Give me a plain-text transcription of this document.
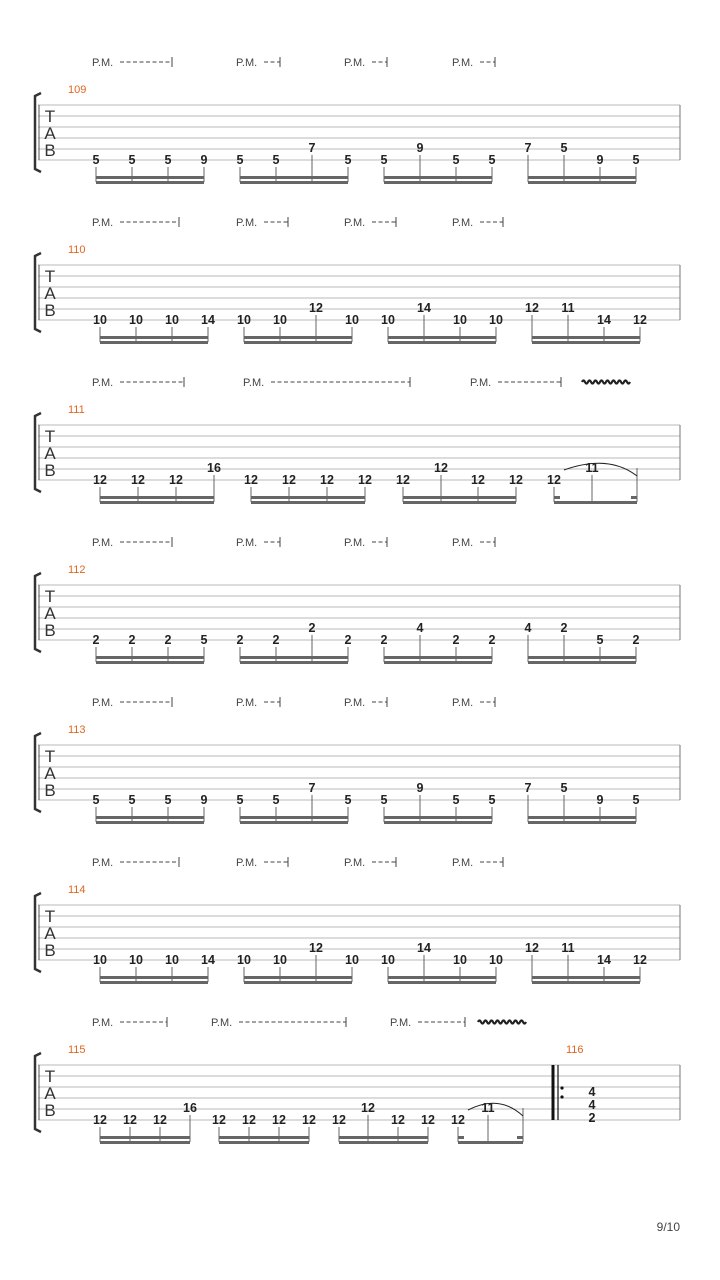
T
A
B
109
P.M.	P.M.	P.M.	P.M.
5 5 5 9 5 5
7
5 5
9
5 5
7 5
9 5
T
A
B
110
P.M.	P.M.	P.M.	P.M.
10 10 10 14 10 10
12
10 10
14
10 10
12 11
14 12
T
A
B
111
P.M.	P.M.	P.M.
12 12 12
16
12 12 12 12 12
12
12 12 12
11
T
A
B
112
P.M.	P.M.	P.M.	P.M.
2 2 2 5 2 2
2
2 2
4
2 2
4 2
5 2
T
A
B
113
P.M.	P.M.	P.M.	P.M.
5 5 5 9 5 5
7
5 5
9
5 5
7 5
9 5
T
A
B
114
P.M.	P.M.	P.M.	P.M.
10 10 10 14 10 10
12
10 10
14
10 10
12 11
14 12
T
A
B
115
P.M.	P.M.	P.M.
12 12 12
16
12 12 12 12 12
12
12 12 12
11
116
4
4
2
9/10
